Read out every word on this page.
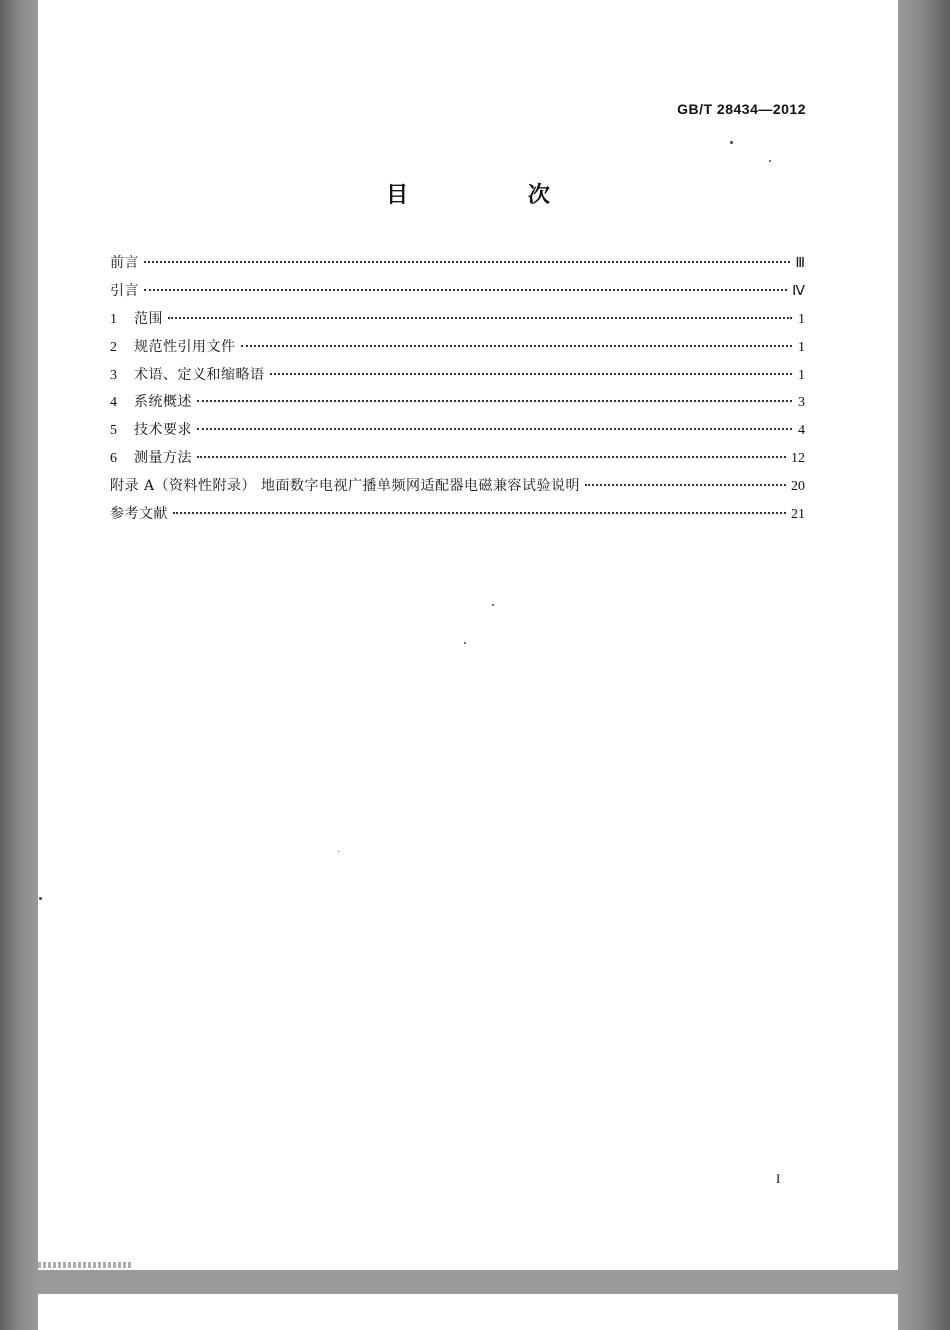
GB/T 28434—2012
目 次
前言	Ⅲ
引言	Ⅳ
1	范围	1
2	规范性引用文件	1
3	术语、定义和缩略语	1
4	系统概述	3
5	技术要求	4
6	测量方法	12
附录 A（资料性附录） 地面数字电视广播单频网适配器电磁兼容试验说明	20
参考文献	21
I
